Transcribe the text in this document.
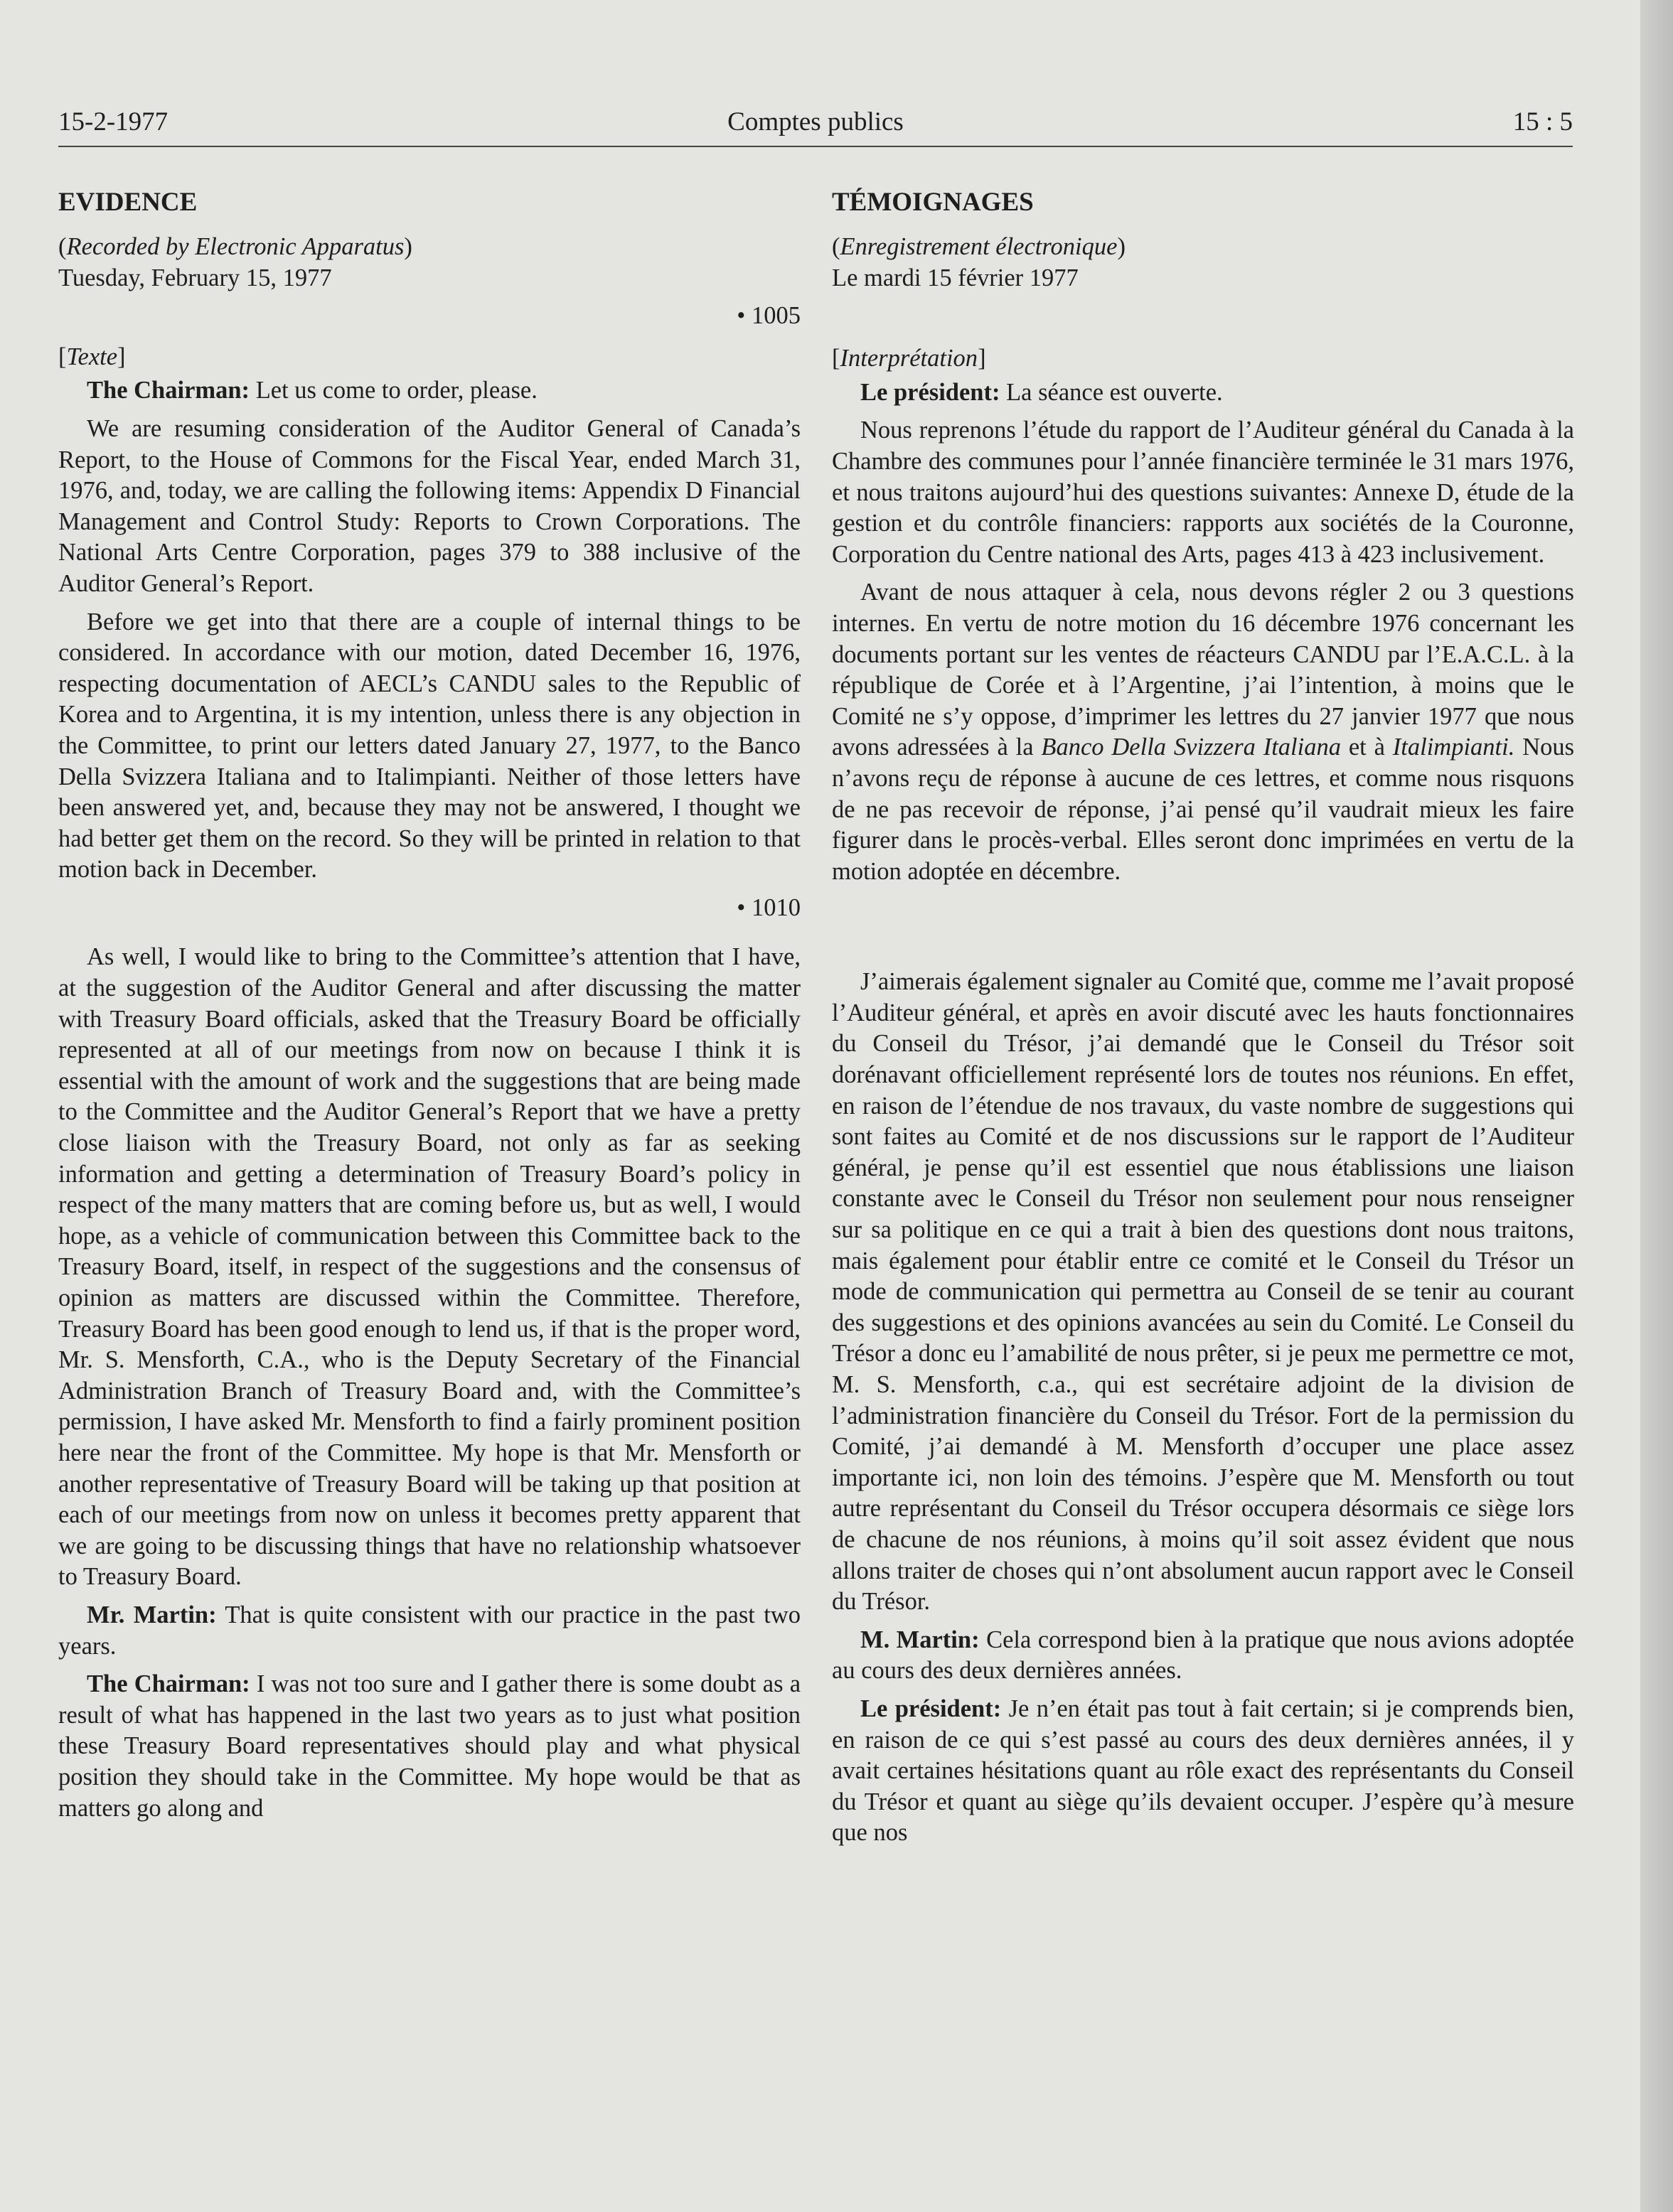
15-2-1977	Comptes publics	15 : 5

EVIDENCE

(Recorded by Electronic Apparatus)

Tuesday, February 15, 1977

• 1005

[Texte]

The Chairman: Let us come to order, please.

We are resuming consideration of the Auditor General of Canada’s Report, to the House of Commons for the Fiscal Year, ended March 31, 1976, and, today, we are calling the following items: Appendix D Financial Management and Control Study: Reports to Crown Corporations. The National Arts Centre Corporation, pages 379 to 388 inclusive of the Auditor General’s Report.

Before we get into that there are a couple of internal things to be considered. In accordance with our motion, dated December 16, 1976, respecting documentation of AECL’s CANDU sales to the Republic of Korea and to Argentina, it is my intention, unless there is any objection in the Committee, to print our letters dated January 27, 1977, to the Banco Della Svizzera Italiana and to Italimpianti. Neither of those letters have been answered yet, and, because they may not be answered, I thought we had better get them on the record. So they will be printed in relation to that motion back in December.

• 1010

As well, I would like to bring to the Committee’s attention that I have, at the suggestion of the Auditor General and after discussing the matter with Treasury Board officials, asked that the Treasury Board be officially represented at all of our meetings from now on because I think it is essential with the amount of work and the suggestions that are being made to the Committee and the Auditor General’s Report that we have a pretty close liaison with the Treasury Board, not only as far as seeking information and getting a determination of Treasury Board’s policy in respect of the many matters that are coming before us, but as well, I would hope, as a vehicle of communication between this Committee back to the Treasury Board, itself, in respect of the suggestions and the consensus of opinion as matters are discussed within the Committee. Therefore, Treasury Board has been good enough to lend us, if that is the proper word, Mr. S. Mensforth, C.A., who is the Deputy Secretary of the Financial Administration Branch of Treasury Board and, with the Committee’s permission, I have asked Mr. Mensforth to find a fairly prominent position here near the front of the Committee. My hope is that Mr. Mensforth or another representative of Treasury Board will be taking up that position at each of our meetings from now on unless it becomes pretty apparent that we are going to be discussing things that have no relationship whatsoever to Treasury Board.

Mr. Martin: That is quite consistent with our practice in the past two years.

The Chairman: I was not too sure and I gather there is some doubt as a result of what has happened in the last two years as to just what position these Treasury Board representatives should play and what physical position they should take in the Committee. My hope would be that as matters go along and

TÉMOIGNAGES

(Enregistrement électronique)

Le mardi 15 février 1977

[Interprétation]

Le président: La séance est ouverte.

Nous reprenons l’étude du rapport de l’Auditeur général du Canada à la Chambre des communes pour l’année financière terminée le 31 mars 1976, et nous traitons aujourd’hui des questions suivantes: Annexe D, étude de la gestion et du contrôle financiers: rapports aux sociétés de la Couronne, Corporation du Centre national des Arts, pages 413 à 423 inclusivement.

Avant de nous attaquer à cela, nous devons régler 2 ou 3 questions internes. En vertu de notre motion du 16 décembre 1976 concernant les documents portant sur les ventes de réacteurs CANDU par l’E.A.C.L. à la république de Corée et à l’Argentine, j’ai l’intention, à moins que le Comité ne s’y oppose, d’imprimer les lettres du 27 janvier 1977 que nous avons adressées à la Banco Della Svizzera Italiana et à Italimpianti. Nous n’avons reçu de réponse à aucune de ces lettres, et comme nous risquons de ne pas recevoir de réponse, j’ai pensé qu’il vaudrait mieux les faire figurer dans le procès-verbal. Elles seront donc imprimées en vertu de la motion adoptée en décembre.

J’aimerais également signaler au Comité que, comme me l’avait proposé l’Auditeur général, et après en avoir discuté avec les hauts fonctionnaires du Conseil du Trésor, j’ai demandé que le Conseil du Trésor soit dorénavant officiellement représenté lors de toutes nos réunions. En effet, en raison de l’étendue de nos travaux, du vaste nombre de suggestions qui sont faites au Comité et de nos discussions sur le rapport de l’Auditeur général, je pense qu’il est essentiel que nous établissions une liaison constante avec le Conseil du Trésor non seulement pour nous renseigner sur sa politique en ce qui a trait à bien des questions dont nous traitons, mais également pour établir entre ce comité et le Conseil du Trésor un mode de communication qui permettra au Conseil de se tenir au courant des suggestions et des opinions avancées au sein du Comité. Le Conseil du Trésor a donc eu l’amabilité de nous prêter, si je peux me permettre ce mot, M. S. Mensforth, c.a., qui est secrétaire adjoint de la division de l’administration financière du Conseil du Trésor. Fort de la permission du Comité, j’ai demandé à M. Mensforth d’occuper une place assez importante ici, non loin des témoins. J’espère que M. Mensforth ou tout autre représentant du Conseil du Trésor occupera désormais ce siège lors de chacune de nos réunions, à moins qu’il soit assez évident que nous allons traiter de choses qui n’ont absolument aucun rapport avec le Conseil du Trésor.

M. Martin: Cela correspond bien à la pratique que nous avions adoptée au cours des deux dernières années.

Le président: Je n’en était pas tout à fait certain; si je comprends bien, en raison de ce qui s’est passé au cours des deux dernières années, il y avait certaines hésitations quant au rôle exact des représentants du Conseil du Trésor et quant au siège qu’ils devaient occuper. J’espère qu’à mesure que nos
